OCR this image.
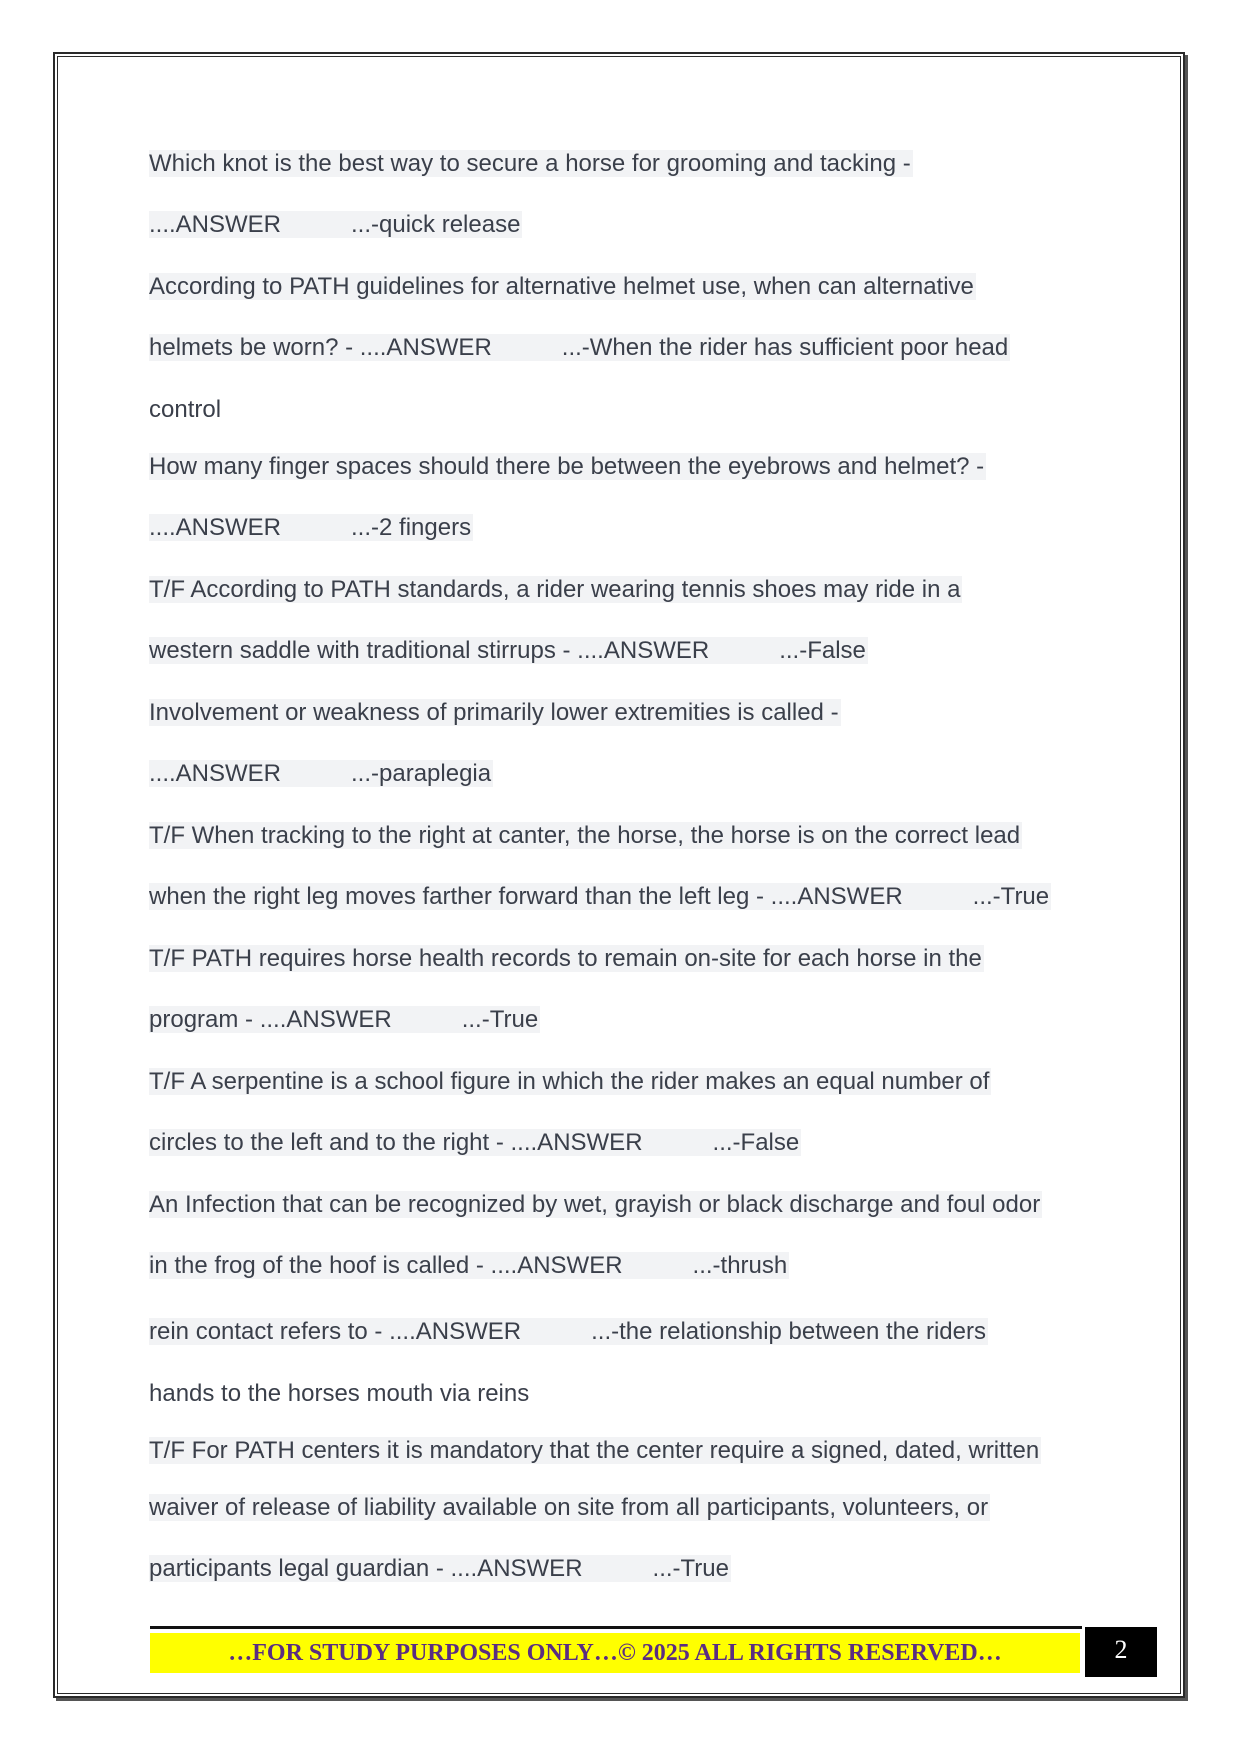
Which knot is the best way to secure a horse for grooming and tacking -
....ANSWER	...-quick release
According to PATH guidelines for alternative helmet use, when can alternative
helmets be worn? - ....ANSWER	...-When the rider has sufficient poor head
control
How many finger spaces should there be between the eyebrows and helmet? -
....ANSWER	...-2 fingers
T/F According to PATH standards, a rider wearing tennis shoes may ride in a
western saddle with traditional stirrups - ....ANSWER	...-False
Involvement or weakness of primarily lower extremities is called -
....ANSWER	...-paraplegia
T/F When tracking to the right at canter, the horse, the horse is on the correct lead
when the right leg moves farther forward than the left leg - ....ANSWER	...-True
T/F PATH requires horse health records to remain on-site for each horse in the
program - ....ANSWER	...-True
T/F A serpentine is a school figure in which the rider makes an equal number of
circles to the left and to the right - ....ANSWER	...-False
An Infection that can be recognized by wet, grayish or black discharge and foul odor
in the frog of the hoof is called - ....ANSWER	...-thrush
rein contact refers to - ....ANSWER	...-the relationship between the riders
hands to the horses mouth via reins
T/F For PATH centers it is mandatory that the center require a signed, dated, written
waiver of release of liability available on site from all participants, volunteers, or
participants legal guardian - ....ANSWER	...-True
…FOR STUDY PURPOSES ONLY…© 2025 ALL RIGHTS RESERVED…	2
